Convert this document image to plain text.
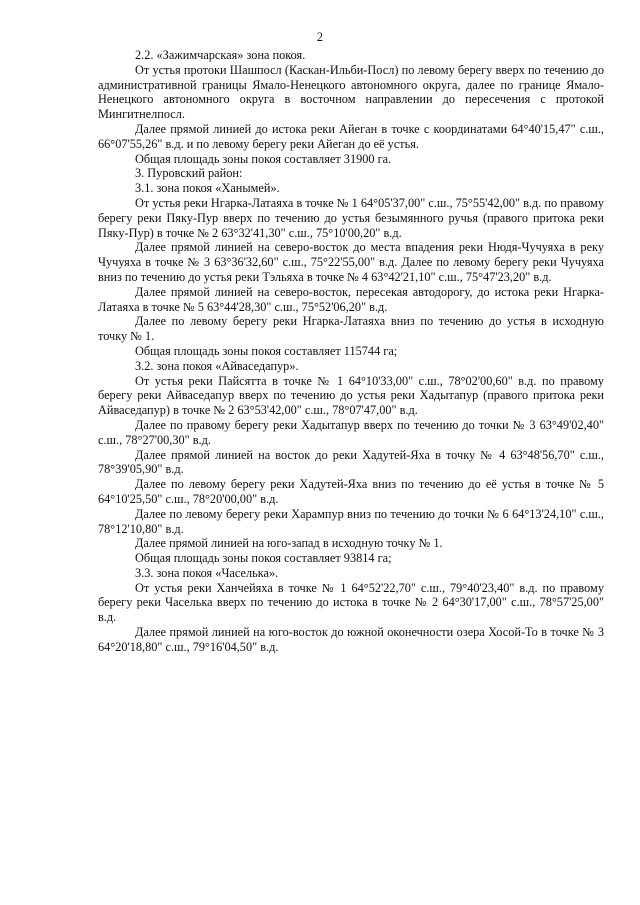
2

2.2. «Зажимчарская» зона покоя.

От устья протоки Шашпосл (Каскан-Ильби-Посл) по левому берегу вверх по течению до административной границы Ямало-Ненецкого автономного округа, далее по границе Ямало-Ненецкого автономного округа в восточном направлении до пересечения с протокой Мингитнелпосл.

Далее прямой линией до истока реки Айеган в точке с координатами 64°40'15,47" с.ш., 66°07'55,26" в.д. и по левому берегу реки Айеган до её устья.

Общая площадь зоны покоя составляет 31900 га.

3. Пуровский район:

3.1. зона покоя «Ханымей».

От устья реки Нгарка-Латаяха в точке № 1 64°05'37,00" с.ш., 75°55'42,00" в.д. по правому берегу реки Пяку-Пур вверх по течению до устья безымянного ручья (правого притока реки Пяку-Пур) в точке № 2 63°32'41,30" с.ш., 75°10'00,20" в.д.

Далее прямой линией на северо-восток до места впадения реки Нюдя-Чучуяха в реку Чучуяха в точке № 3 63°36'32,60" с.ш., 75°22'55,00" в.д. Далее по левому берегу реки Чучуяха вниз по течению до устья реки Тэльяха в точке № 4 63°42'21,10" с.ш., 75°47'23,20" в.д.

Далее прямой линией на северо-восток, пересекая автодорогу, до истока реки Нгарка-Латаяха в точке № 5 63°44'28,30" с.ш., 75°52'06,20" в.д.

Далее по левому берегу реки Нгарка-Латаяха вниз по течению до устья в исходную точку № 1.

Общая площадь зоны покоя составляет 115744 га;

3.2. зона покоя «Айваседапур».

От устья реки Пайсятта в точке № 1 64°10'33,00" с.ш., 78°02'00,60" в.д. по правому берегу реки Айваседапур вверх по течению до устья реки Хадытапур (правого притока реки Айваседапур) в точке № 2 63°53'42,00" с.ш., 78°07'47,00" в.д.

Далее по правому берегу реки Хадытапур вверх по течению до точки № 3 63°49'02,40" с.ш., 78°27'00,30" в.д.

Далее прямой линией на восток до реки Хадутей-Яха в точку № 4 63°48'56,70" с.ш., 78°39'05,90" в.д.

Далее по левому берегу реки Хадутей-Яха вниз по течению до её устья в точке № 5 64°10'25,50" с.ш., 78°20'00,00" в.д.

Далее по левому берегу реки Харампур вниз по течению до точки № 6 64°13'24,10" с.ш., 78°12'10,80" в.д.

Далее прямой линией на юго-запад в исходную точку № 1.

Общая площадь зоны покоя составляет 93814 га;

3.3. зона покоя «Часелька».

От устья реки Ханчейяха в точке № 1 64°52'22,70" с.ш., 79°40'23,40" в.д. по правому берегу реки Часелька вверх по течению до истока в точке № 2 64°30'17,00" с.ш., 78°57'25,00" в.д.

Далее прямой линией на юго-восток до южной оконечности озера Хосой-То в точке № 3 64°20'18,80" с.ш., 79°16'04,50" в.д.
